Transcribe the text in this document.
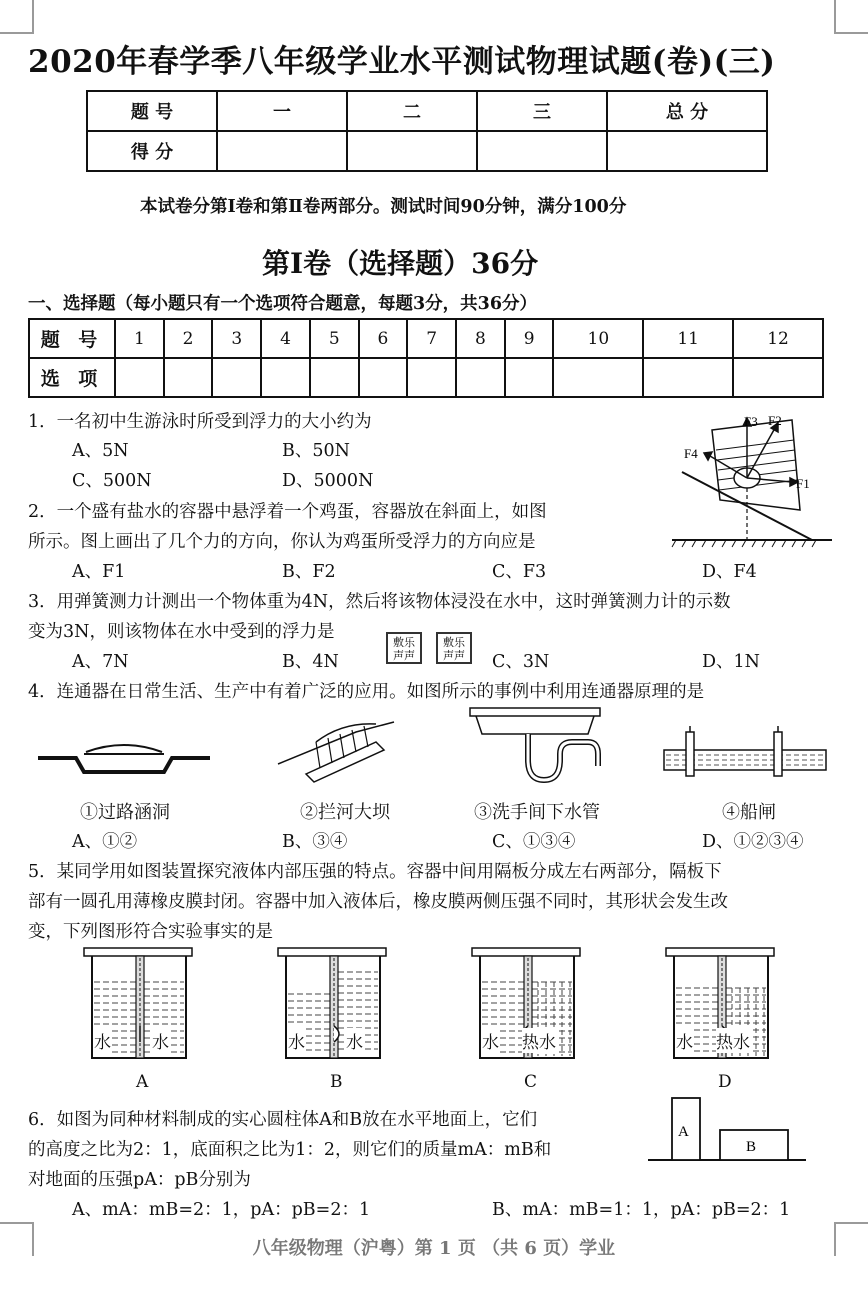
2020年春学季八年级学业水平测试物理试题(卷)(三)
题 号	一	二	三	总 分
得 分				
本试卷分第Ⅰ卷和第Ⅱ卷两部分。测试时间90分钟，满分100分
第Ⅰ卷（选择题）36分
一、选择题（每小题只有一个选项符合题意，每题3分，共36分）
题 号	1	2	3	4	5	6	7	8	9	10	11	12
选 项												
1．一名初中生游泳时所受到浮力的大小约为
A、5N	B、50N
C、500N	D、5000N
F3 F2
F4
F1
2．一个盛有盐水的容器中悬浮着一个鸡蛋，容器放在斜面上，如图
所示。图上画出了几个力的方向，你认为鸡蛋所受浮力的方向应是
A、F1	B、F2	C、F3	D、F4
3．用弹簧测力计测出一个物体重为4N，然后将该物体浸没在水中，这时弹簧测力计的示数
变为3N，则该物体在水中受到的浮力是
A、7N	B、4N
敷乐
声声
敷乐
声声	C、3N	D、1N
4．连通器在日常生活、生产中有着广泛的应用。如图所示的事例中利用连通器原理的是
①过路涵洞	②拦河大坝	③洗手间下水管	④船闸
A、①②	B、③④	C、①③④	D、①②③④
5．某同学用如图装置探究液体内部压强的特点。容器中间用隔板分成左右两部分，隔板下
部有一圆孔用薄橡皮膜封闭。容器中加入液体后，橡皮膜两侧压强不同时，其形状会发生改
变，下列图形符合实验事实的是
水 水
A
水 水
B
水 热水
C
水 热水
D
6．如图为同种材料制成的实心圆柱体A和B放在水平地面上，它们
的高度之比为2：1，底面积之比为1：2，则它们的质量mA：mB和
对地面的压强pA：pB分别为
A
B
A、mA：mB=2：1，pA：pB=2：1	B、mA：mB=1：1，pA：pB=2：1
八年级物理（沪粤）第 1 页 （共 6 页）学业
